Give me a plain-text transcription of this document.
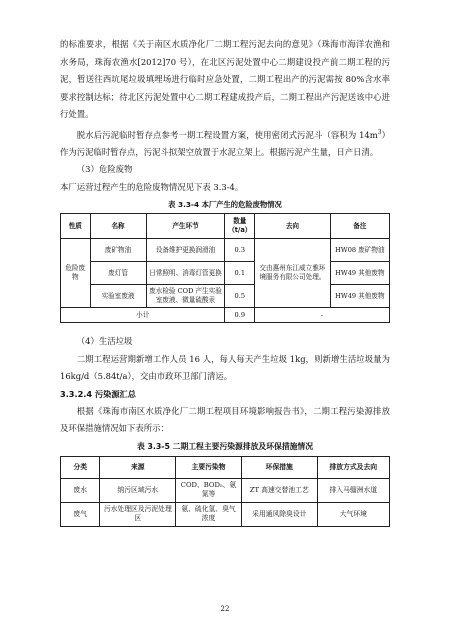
的标准要求，根据《关于南区水质净化厂二期工程污泥去向的意见》（珠海市海洋农渔和水务局，珠海农渔水[2012]70 号），在北区污泥处置中心二期建设投产前二期工程的污泥，暂送往西坑尾垃圾填埋场进行临时应急处置，二期工程出产的污泥需按 80%含水率要求控制达标；待北区污泥处置中心二期工程建成投产后，二期工程出产污泥送该中心进行处置。

脱水后污泥临时暂存点参考一期工程设置方案，使用密闭式污泥斗（容积为 $14m^3$）作为污泥临时暂存点，污泥斗拟架空放置于水泥立架上。根据污泥产生量，日产日清。

（3）危险废物

本厂运营过程产生的危险废物情况见下表 3.3-4。

表 3.3-4 本厂产生的危险废物情况
性质	名称	产生环节	数量（t/a）	去向	备注
危险废物	废矿物油	设备维护更换润滑油	0.3	交由惠州东江威立雅环境服务有限公司处理。	HW08 废矿物油
	废灯管	日常照明、消毒灯管更换	0.1		HW49 其他废物
	实验室废液	废水检验 COD 产生实验室废液、微量硫酸汞	0.5		HW49 其他废物
小计			0.9	-	

（4）生活垃圾

二期工程运营期新增工作人员 16 人，每人每天产生垃圾 1kg，则新增生活垃圾量为 16kg/d（5.84t/a），交由市政环卫部门清运。

3.3.2.4 污染源汇总

根据《珠海市南区水质净化厂二期工程项目环境影响报告书》，二期工程污染源排放及环保措施情况如下表所示：

表 3.3-5 二期工程主要污染源排放及环保措施情况
分类	来源	主要污染物	环保措施	排放方式及去向
废水	纳污区域污水	COD、BOD₅、氨氮等	ZT 高速交替池工艺	排入马骝洲水道
废气	污水处理区及污泥处理区	氨、硫化氢、臭气浓度	采用通风除臭设计	大气环境
22
